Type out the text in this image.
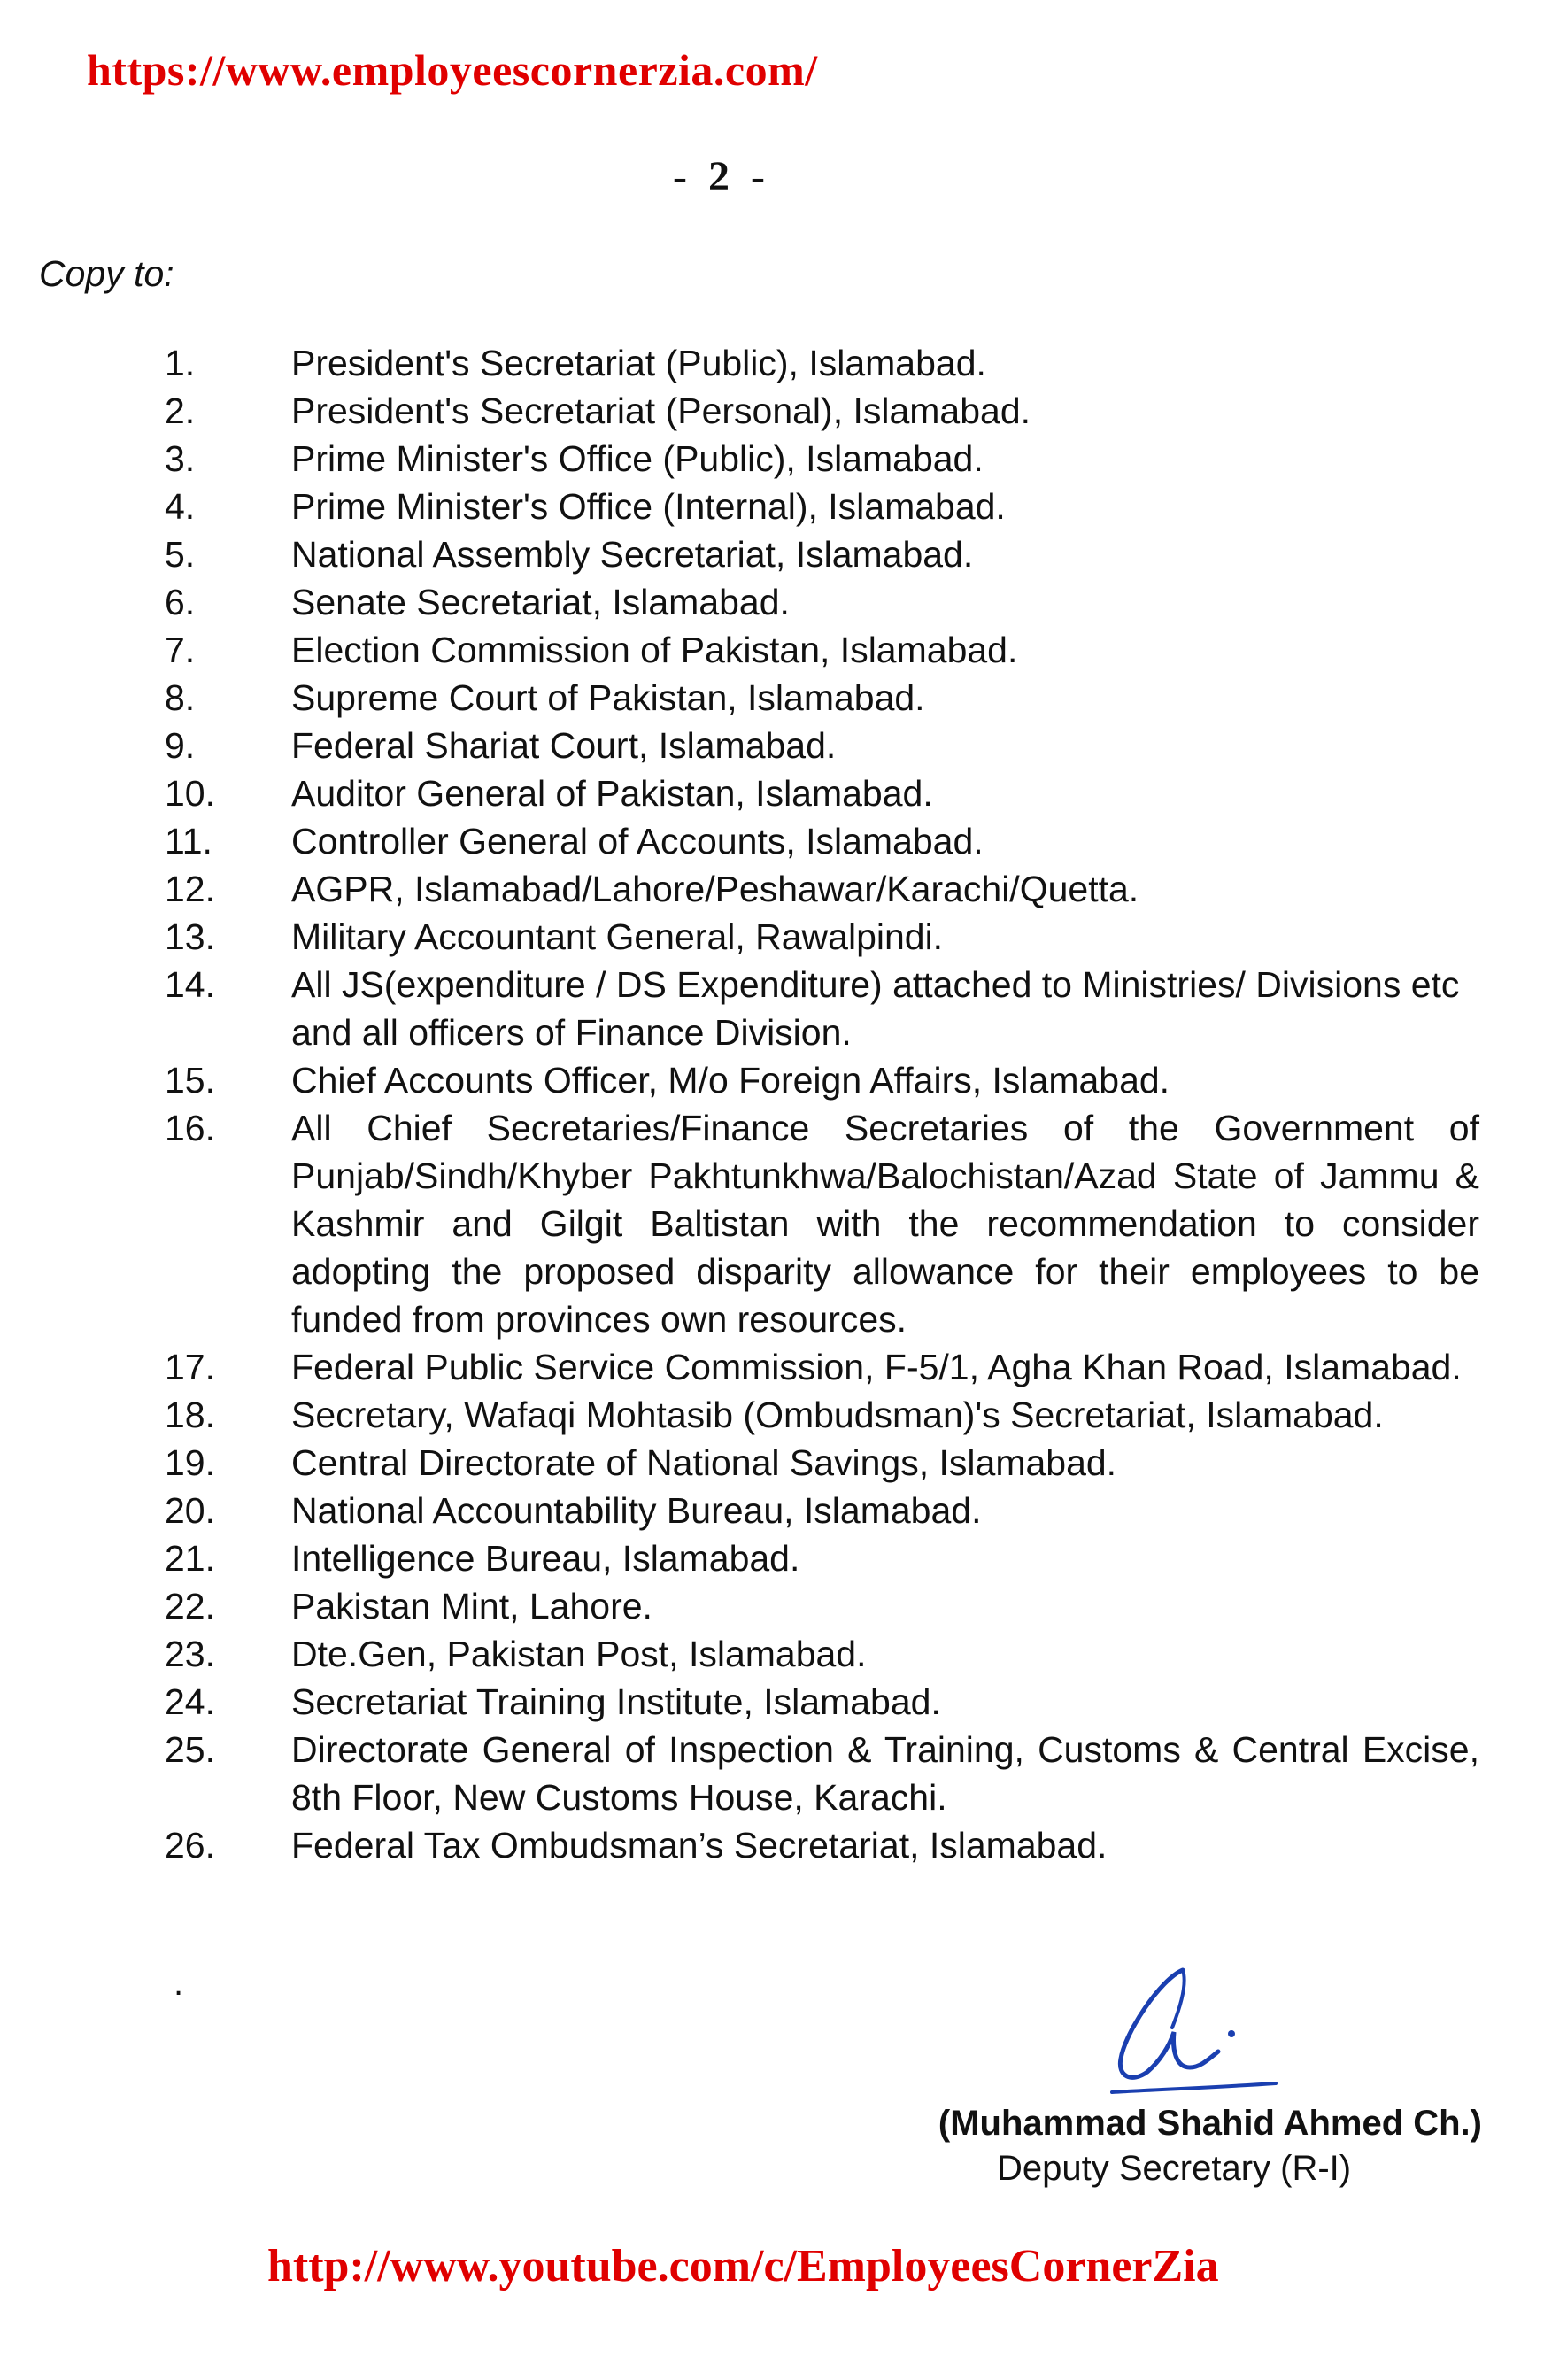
https://www.employeescornerzia.com/
- 2 -
Copy to:
1.	President's Secretariat (Public), Islamabad.
2.	President's Secretariat (Personal), Islamabad.
3.	Prime Minister's Office (Public), Islamabad.
4.	Prime Minister's Office (Internal), Islamabad.
5.	National Assembly Secretariat, Islamabad.
6.	Senate Secretariat, Islamabad.
7.	Election Commission of Pakistan, Islamabad.
8.	Supreme Court of Pakistan, Islamabad.
9.	Federal Shariat Court, Islamabad.
10.	Auditor General of Pakistan, Islamabad.
11.	Controller General of Accounts, Islamabad.
12.	AGPR, Islamabad/Lahore/Peshawar/Karachi/Quetta.
13.	Military Accountant General, Rawalpindi.
14.	All JS(expenditure / DS Expenditure) attached to Ministries/ Divisions etc and all officers of Finance Division.
15.	Chief Accounts Officer, M/o Foreign Affairs, Islamabad.
16.	All Chief Secretaries/Finance Secretaries of the Government of Punjab/Sindh/Khyber Pakhtunkhwa/Balochistan/Azad State of Jammu & Kashmir and Gilgit Baltistan with the recommendation to consider adopting the proposed disparity allowance for their employees to be funded from provinces own resources.
17.	Federal Public Service Commission, F-5/1, Agha Khan Road, Islamabad.
18.	Secretary, Wafaqi Mohtasib (Ombudsman)'s Secretariat, Islamabad.
19.	Central Directorate of National Savings, Islamabad.
20.	National Accountability Bureau, Islamabad.
21.	Intelligence Bureau, Islamabad.
22.	Pakistan Mint, Lahore.
23.	Dte.Gen, Pakistan Post, Islamabad.
24.	Secretariat Training Institute, Islamabad.
25.	Directorate General of Inspection & Training, Customs & Central Excise, 8th Floor, New Customs House, Karachi.
26.	Federal Tax Ombudsman’s Secretariat, Islamabad.
.
(Muhammad Shahid Ahmed Ch.)
Deputy Secretary (R-I)
http://www.youtube.com/c/EmployeesCornerZia
